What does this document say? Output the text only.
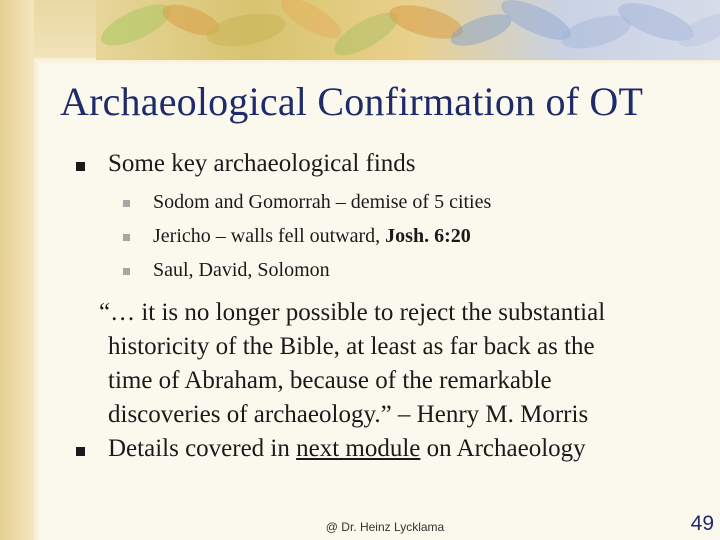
Archaeological Confirmation of OT
Some key archaeological finds
Sodom and Gomorrah – demise of 5 cities
Jericho – walls fell outward, Josh. 6:20
Saul, David, Solomon
“… it is no longer possible to reject the substantial
historicity of the Bible, at least as far back as the
time of Abraham, because of the remarkable
discoveries of archaeology.” – Henry M. Morris
Details covered in next module on Archaeology
@ Dr. Heinz Lycklama	49
